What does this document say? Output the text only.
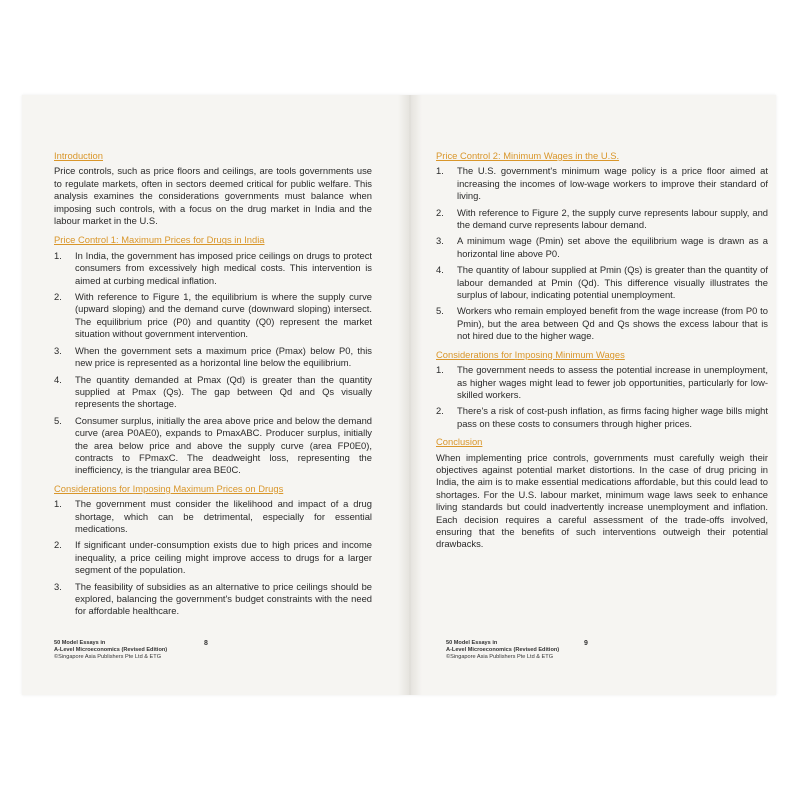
Introduction

Price controls, such as price floors and ceilings, are tools governments use to regulate markets, often in sectors deemed critical for public welfare. This analysis examines the considerations governments must balance when imposing such controls, with a focus on the drug market in India and the labour market in the U.S.

Price Control 1: Maximum Prices for Drugs in India
1. In India, the government has imposed price ceilings on drugs to protect consumers from excessively high medical costs. This intervention is aimed at curbing medical inflation.
2. With reference to Figure 1, the equilibrium is where the supply curve (upward sloping) and the demand curve (downward sloping) intersect. The equilibrium price (P0) and quantity (Q0) represent the market situation without government intervention.
3. When the government sets a maximum price (Pmax) below P0, this new price is represented as a horizontal line below the equilibrium.
4. The quantity demanded at Pmax (Qd) is greater than the quantity supplied at Pmax (Qs). The gap between Qd and Qs visually represents the shortage.
5. Consumer surplus, initially the area above price and below the demand curve (area P0AE0), expands to PmaxABC. Producer surplus, initially the area below price and above the supply curve (area FP0E0), contracts to FPmaxC. The deadweight loss, representing the inefficiency, is the triangular area BE0C.
Considerations for Imposing Maximum Prices on Drugs
1. The government must consider the likelihood and impact of a drug shortage, which can be detrimental, especially for essential medications.
2. If significant under-consumption exists due to high prices and income inequality, a price ceiling might improve access to drugs for a larger segment of the population.
3. The feasibility of subsidies as an alternative to price ceilings should be explored, balancing the government's budget constraints with the need for affordable healthcare.
50 Model Essays in
A-Level Microeconomics (Revised Edition)
©Singapore Asia Publishers Pte Ltd & ETG
8
Price Control 2: Minimum Wages in the U.S.
1. The U.S. government's minimum wage policy is a price floor aimed at increasing the incomes of low-wage workers to improve their standard of living.
2. With reference to Figure 2, the supply curve represents labour supply, and the demand curve represents labour demand.
3. A minimum wage (Pmin) set above the equilibrium wage is drawn as a horizontal line above P0.
4. The quantity of labour supplied at Pmin (Qs) is greater than the quantity of labour demanded at Pmin (Qd). This difference visually illustrates the surplus of labour, indicating potential unemployment.
5. Workers who remain employed benefit from the wage increase (from P0 to Pmin), but the area between Qd and Qs shows the excess labour that is not hired due to the higher wage.
Considerations for Imposing Minimum Wages
1. The government needs to assess the potential increase in unemployment, as higher wages might lead to fewer job opportunities, particularly for low-skilled workers.
2. There's a risk of cost-push inflation, as firms facing higher wage bills might pass on these costs to consumers through higher prices.
Conclusion

When implementing price controls, governments must carefully weigh their objectives against potential market distortions. In the case of drug pricing in India, the aim is to make essential medications affordable, but this could lead to shortages. For the U.S. labour market, minimum wage laws seek to enhance living standards but could inadvertently increase unemployment and inflation. Each decision requires a careful assessment of the trade-offs involved, ensuring that the benefits of such interventions outweigh their potential drawbacks.

50 Model Essays in
A-Level Microeconomics (Revised Edition)
©Singapore Asia Publishers Pte Ltd & ETG
9
